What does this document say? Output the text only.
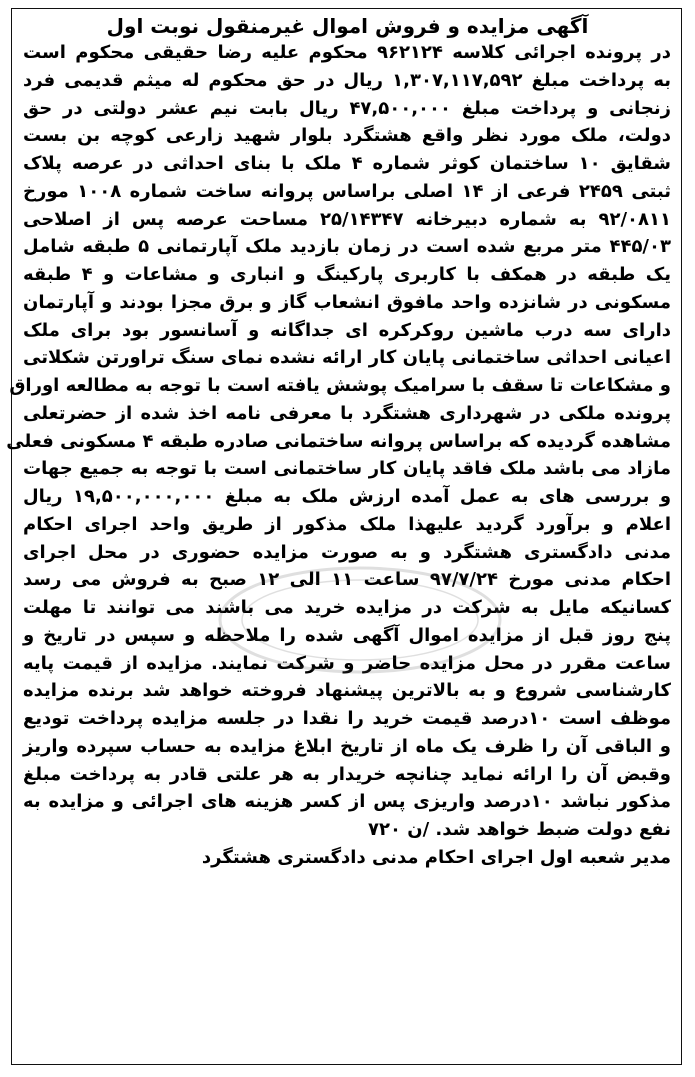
آگهی مزایده و فروش اموال غیرمنقول نوبت اول
در پرونده اجرائی کلاسه ۹۶۲۱۲۴ محکوم علیه رضا حقیقی محکوم است
به پرداخت مبلغ ۱,۳۰۷,۱۱۷,۵۹۲ ریال در حق محکوم له میثم قدیمی فرد
زنجانی و پرداخت مبلغ ۴۷,۵۰۰,۰۰۰ ریال بابت نیم عشر دولتی در حق
دولت، ملک مورد نظر واقع هشتگرد بلوار شهید زارعی کوچه بن بست
شقایق ۱۰ ساختمان کوثر شماره ۴ ملک با بنای احداثی در عرصه پلاک
ثبتی ۲۴۵۹ فرعی از ۱۴ اصلی براساس پروانه ساخت شماره ۱۰۰۸ مورخ
۹۲/۰۸۱۱ به شماره دبیرخانه ۲۵/۱۴۳۴۷ مساحت عرصه پس از اصلاحی
۴۴۵/۰۳ متر مربع شده است در زمان بازدید ملک آپارتمانی ۵ طبقه شامل
یک طبقه در همکف با کاربری پارکینگ و انباری و مشاعات و ۴ طبقه
مسکونی در شانزده واحد مافوق انشعاب گاز و برق مجزا بودند و آپارتمان
دارای سه درب ماشین روکرکره ای جداگانه و آسانسور بود برای ملک
اعیانی احداثی ساختمانی پایان کار ارائه نشده نمای سنگ تراورتن شکلاتی
و مشکاعات تا سقف با سرامیک پوشش یافته است با توجه به مطالعه اوراق
پرونده ملکی در شهرداری هشتگرد با معرفی نامه اخذ شده از حضرتعلی
مشاهده گردیده که براساس پروانه ساختمانی صادره طبقه ۴ مسکونی فعلی
مازاد می باشد ملک فاقد پایان کار ساختمانی است با توجه به جمیع جهات
و بررسی های به عمل آمده ارزش ملک به مبلغ ۱۹,۵۰۰,۰۰۰,۰۰۰ ریال
اعلام و برآورد گردید علیهذا ملک مذکور از طریق واحد اجرای احکام
مدنی دادگستری هشتگرد و به صورت مزایده حضوری در محل اجرای
احکام مدنی مورخ ۹۷/۷/۲۴ ساعت ۱۱ الی ۱۲ صبح به فروش می رسد
کسانیکه مایل به شرکت در مزایده خرید می باشند می توانند تا مهلت
پنج روز قبل از مزایده اموال آگهی شده را ملاحظه و سپس در تاریخ و
ساعت مقرر در محل مزایده حاضر و شرکت نمایند. مزایده از قیمت پایه
کارشناسی شروع و به بالاترین پیشنهاد فروخته خواهد شد برنده مزایده
موظف است ۱۰درصد قیمت خرید را نقدا در جلسه مزایده پرداخت تودیع
و الباقی آن را ظرف یک ماه از تاریخ ابلاغ مزایده به حساب سپرده واریز
وقبض آن را ارائه نماید چنانچه خریدار به هر علتی قادر به پرداخت مبلغ
مذکور نباشد ۱۰درصد واریزی پس از کسر هزینه های اجرائی و مزایده به
نفع دولت ضبط خواهد شد. /ن ۷۲۰
مدیر شعبه اول اجرای احکام مدنی دادگستری هشتگرد
